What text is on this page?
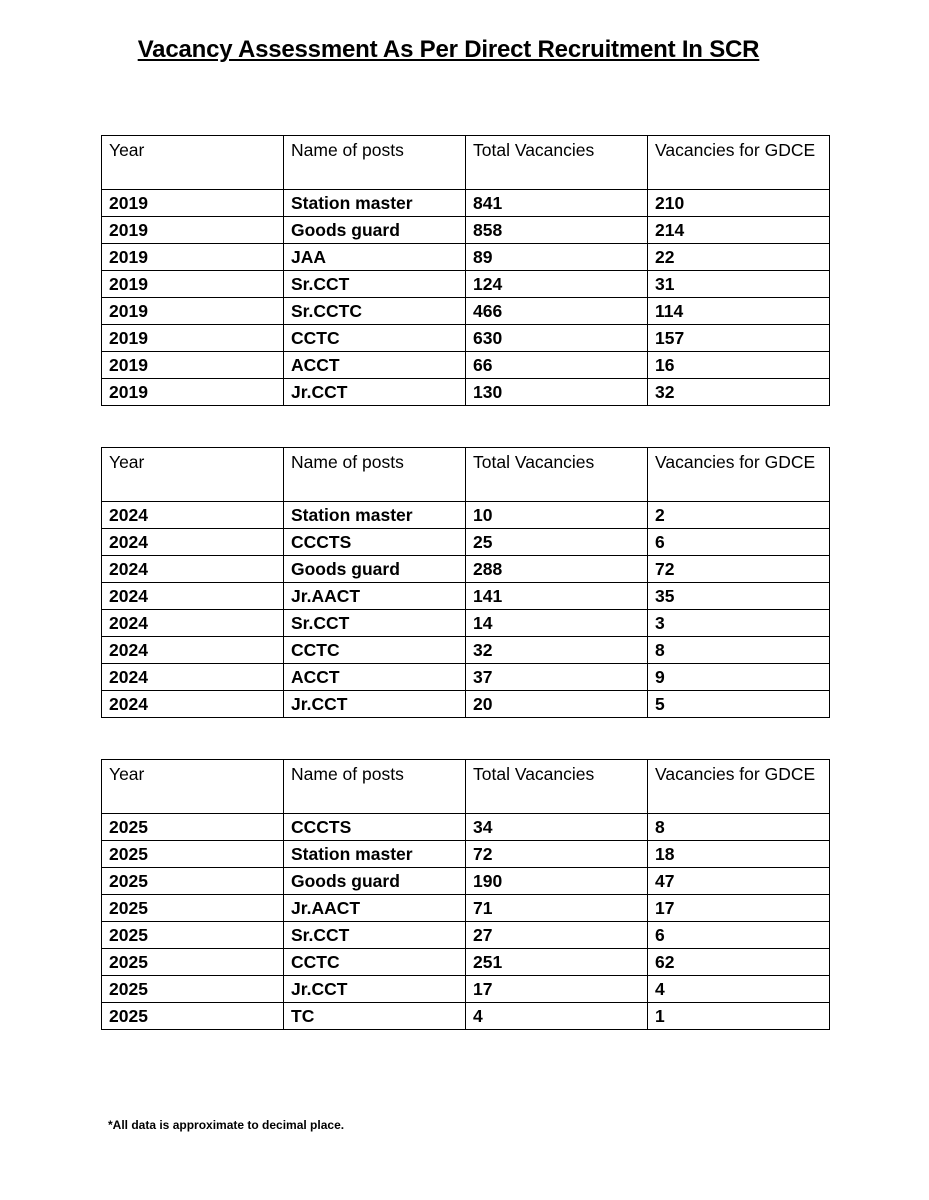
Vacancy Assessment As Per Direct Recruitment In SCR
Year	Name of posts	Total Vacancies	Vacancies for GDCE
2019	Station master	841	210
2019	Goods guard	858	214
2019	JAA	89	22
2019	Sr.CCT	124	31
2019	Sr.CCTC	466	114
2019	CCTC	630	157
2019	ACCT	66	16
2019	Jr.CCT	130	32
Year	Name of posts	Total Vacancies	Vacancies for GDCE
2024	Station master	10	2
2024	CCCTS	25	6
2024	Goods guard	288	72
2024	Jr.AACT	141	35
2024	Sr.CCT	14	3
2024	CCTC	32	8
2024	ACCT	37	9
2024	Jr.CCT	20	5
Year	Name of posts	Total Vacancies	Vacancies for GDCE
2025	CCCTS	34	8
2025	Station master	72	18
2025	Goods guard	190	47
2025	Jr.AACT	71	17
2025	Sr.CCT	27	6
2025	CCTC	251	62
2025	Jr.CCT	17	4
2025	TC	4	1
*All data is approximate to decimal place.
